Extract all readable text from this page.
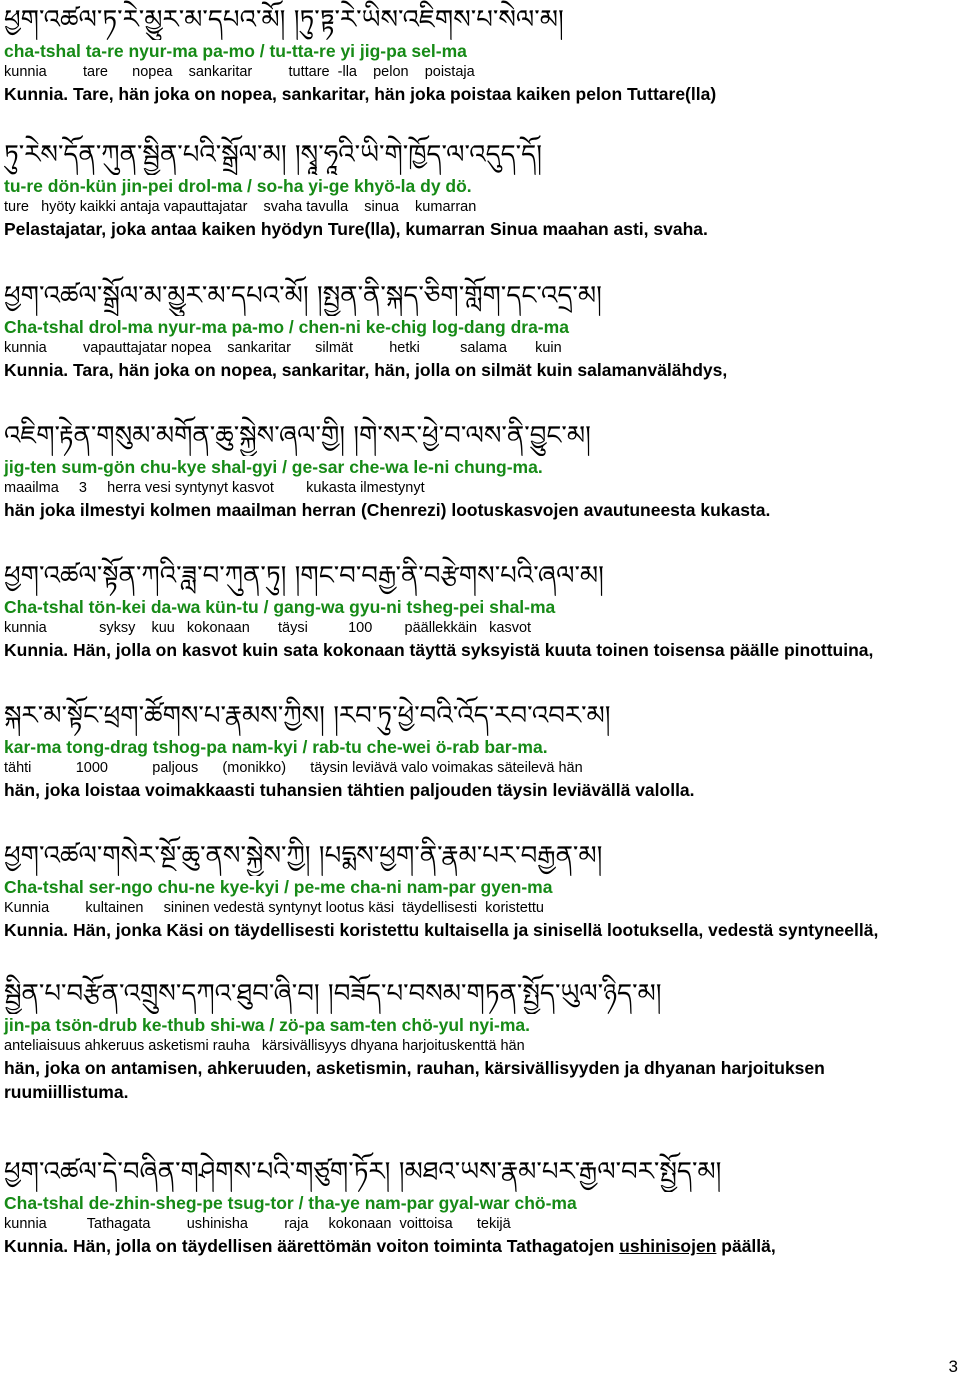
ཕྱག་འཚལ་ཏ་རེ་མྱུར་མ་དཔའ་མོ། །ཏུ་ཏྟ་རེ་ཡིས་འཇིགས་པ་སེལ་མ།
cha-tshal ta-re nyur-ma pa-mo / tu-tta-re yi jig-pa sel-ma
kunnia         tare      nopea    sankaritar         tuttare  -lla    pelon    poistaja
Kunnia. Tare, hän joka on nopea, sankaritar, hän joka poistaa kaiken pelon Tuttare(lla)
ཏུ་རེས་དོན་ཀུན་སྦྱིན་པའི་སྒྲོལ་མ། །སྭཱ་ཧཱའི་ཡི་གེ་ཁྱོད་ལ་འདུད་དོ།
tu-re dön-kün jin-pei drol-ma / so-ha yi-ge khyö-la dy dö.
ture   hyöty kaikki antaja vapauttajatar    svaha tavulla    sinua    kumarran
Pelastajatar, joka antaa kaiken hyödyn Ture(lla), kumarran Sinua maahan asti, svaha.
ཕྱག་འཚལ་སྒྲོལ་མ་མྱུར་མ་དཔའ་མོ། །སྤྱན་ནི་སྐད་ཅིག་གློག་དང་འདྲ་མ།
Cha-tshal drol-ma nyur-ma pa-mo / chen-ni ke-chig log-dang dra-ma
kunnia         vapauttajatar nopea    sankaritar      silmät         hetki          salama       kuin
Kunnia. Tara, hän joka on nopea, sankaritar, hän, jolla on silmät kuin salamanvälähdys,
འཇིག་རྟེན་གསུམ་མགོན་ཆུ་སྐྱེས་ཞལ་གྱི། །གེ་སར་ཕྱེ་བ་ལས་ནི་བྱུང་མ།
jig-ten sum-gön chu-kye shal-gyi / ge-sar che-wa le-ni chung-ma.
maailma     3     herra vesi syntynyt kasvot        kukasta ilmestynyt
hän joka ilmestyi kolmen maailman herran (Chenrezi) lootuskasvojen avautuneesta kukasta.
ཕྱག་འཚལ་སྟོན་ཀའི་ཟླ་བ་ཀུན་ཏུ། །གང་བ་བརྒྱ་ནི་བརྩེགས་པའི་ཞལ་མ།
Cha-tshal tön-kei da-wa kün-tu / gang-wa gyu-ni tsheg-pei shal-ma
kunnia             syksy    kuu   kokonaan       täysi          100        päällekkäin   kasvot
Kunnia. Hän, jolla on kasvot kuin sata kokonaan täyttä syksyistä kuuta toinen toisensa päälle pinottuina,
སྐར་མ་སྟོང་ཕྲག་ཚོགས་པ་རྣམས་ཀྱིས། །རབ་ཏུ་ཕྱེ་བའི་འོད་རབ་འབར་མ།
kar-ma tong-drag tshog-pa nam-kyi / rab-tu che-wei ö-rab bar-ma.
tähti           1000           paljous      (monikko)      täysin leviävä valo voimakas säteilevä hän
hän, joka loistaa voimakkaasti tuhansien tähtien paljouden täysin leviävällä valolla.
ཕྱག་འཚལ་གསེར་སྔོ་ཆུ་ནས་སྐྱེས་ཀྱི། །པདྨས་ཕྱག་ནི་རྣམ་པར་བརྒྱན་མ།
Cha-tshal ser-ngo chu-ne kye-kyi / pe-me cha-ni nam-par gyen-ma
Kunnia         kultainen     sininen vedestä syntynyt lootus käsi  täydellisesti  koristettu
Kunnia. Hän, jonka Käsi on täydellisesti koristettu kultaisella ja sinisellä lootuksella, vedestä syntyneellä,
སྦྱིན་པ་བརྩོན་འགྲུས་དཀའ་ཐུབ་ཞི་བ། །བཟོད་པ་བསམ་གཏན་སྤྱོད་ཡུལ་ཉིད་མ།
jin-pa tsön-drub ke-thub shi-wa / zö-pa sam-ten chö-yul nyi-ma.
anteliaisuus ahkeruus asketismi rauha   kärsivällisyys dhyana harjoituskenttä hän
hän, joka on antamisen, ahkeruuden, asketismin, rauhan, kärsivällisyyden ja dhyanan harjoituksen ruumiillistuma.
ཕྱག་འཚལ་དེ་བཞིན་གཤེགས་པའི་གཙུག་ཏོར། །མཐའ་ཡས་རྣམ་པར་རྒྱལ་བར་སྤྱོད་མ།
Cha-tshal de-zhin-sheg-pe tsug-tor / tha-ye nam-par gyal-war chö-ma
kunnia          Tathagata         ushinisha         raja     kokonaan  voittoisa      tekijä
Kunnia. Hän, jolla on täydellisen äärettömän voiton toiminta Tathagatojen ushinisojen päällä,
3
